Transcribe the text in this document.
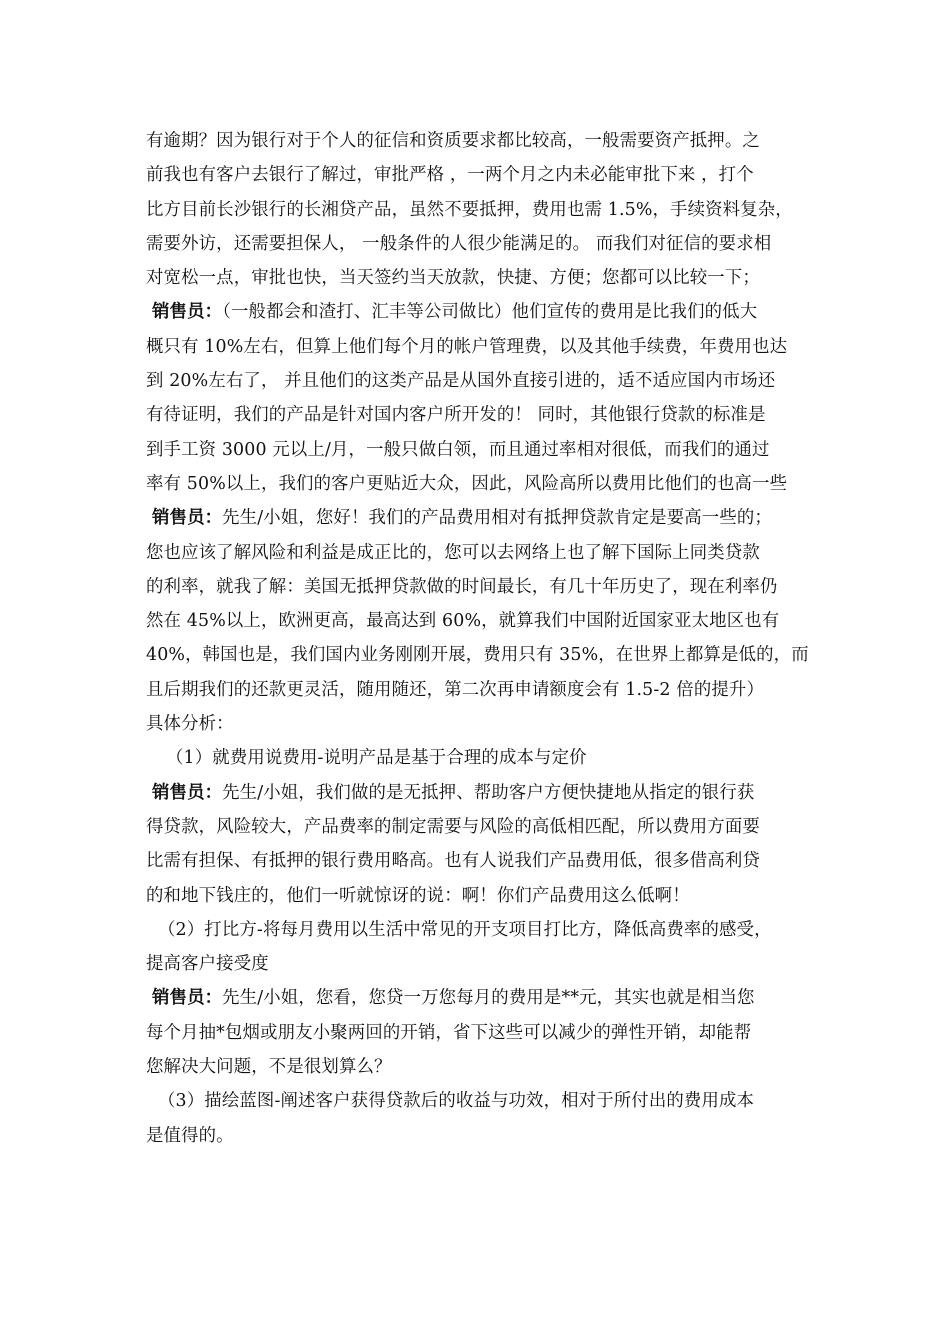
有逾期？因为银行对于个人的征信和资质要求都比较高，一般需要资产抵押。之
前我也有客户去银行了解过，审批严格 ，一两个月之内未必能审批下来 ，打个
比方目前长沙银行的长湘贷产品，虽然不要抵押，费用也需 1.5%，手续资料复杂，
需要外访，还需要担保人， 一般条件的人很少能满足的。 而我们对征信的要求相
对宽松一点，审批也快，当天签约当天放款，快捷、方便；您都可以比较一下；
销售员：（一般都会和渣打、汇丰等公司做比）他们宣传的费用是比我们的低大
概只有 10%左右，但算上他们每个月的帐户管理费，以及其他手续费，年费用也达
到 20%左右了， 并且他们的这类产品是从国外直接引进的，适不适应国内市场还
有待证明，我们的产品是针对国内客户所开发的！ 同时，其他银行贷款的标准是
到手工资 3000 元以上/月，一般只做白领，而且通过率相对很低，而我们的通过
率有 50%以上，我们的客户更贴近大众，因此，风险高所以费用比他们的也高一些
销售员：先生/小姐，您好！我们的产品费用相对有抵押贷款肯定是要高一些的；
您也应该了解风险和利益是成正比的，您可以去网络上也了解下国际上同类贷款
的利率，就我了解：美国无抵押贷款做的时间最长，有几十年历史了，现在利率仍
然在 45%以上，欧洲更高，最高达到 60%，就算我们中国附近国家亚太地区也有
40%，韩国也是，我们国内业务刚刚开展，费用只有 35%，在世界上都算是低的，而
且后期我们的还款更灵活，随用随还，第二次再申请额度会有 1.5-2 倍的提升）
具体分析：
（1）就费用说费用-说明产品是基于合理的成本与定价
销售员：先生/小姐，我们做的是无抵押、帮助客户方便快捷地从指定的银行获
得贷款，风险较大，产品费率的制定需要与风险的高低相匹配，所以费用方面要
比需有担保、有抵押的银行费用略高。也有人说我们产品费用低，很多借高利贷
的和地下钱庄的，他们一听就惊讶的说：啊！你们产品费用这么低啊！
（2）打比方-将每月费用以生活中常见的开支项目打比方，降低高费率的感受，
提高客户接受度
销售员：先生/小姐，您看，您贷一万您每月的费用是**元，其实也就是相当您
每个月抽*包烟或朋友小聚两回的开销，省下这些可以减少的弹性开销，却能帮
您解决大问题，不是很划算么？
（3）描绘蓝图-阐述客户获得贷款后的收益与功效，相对于所付出的费用成本
是值得的。
